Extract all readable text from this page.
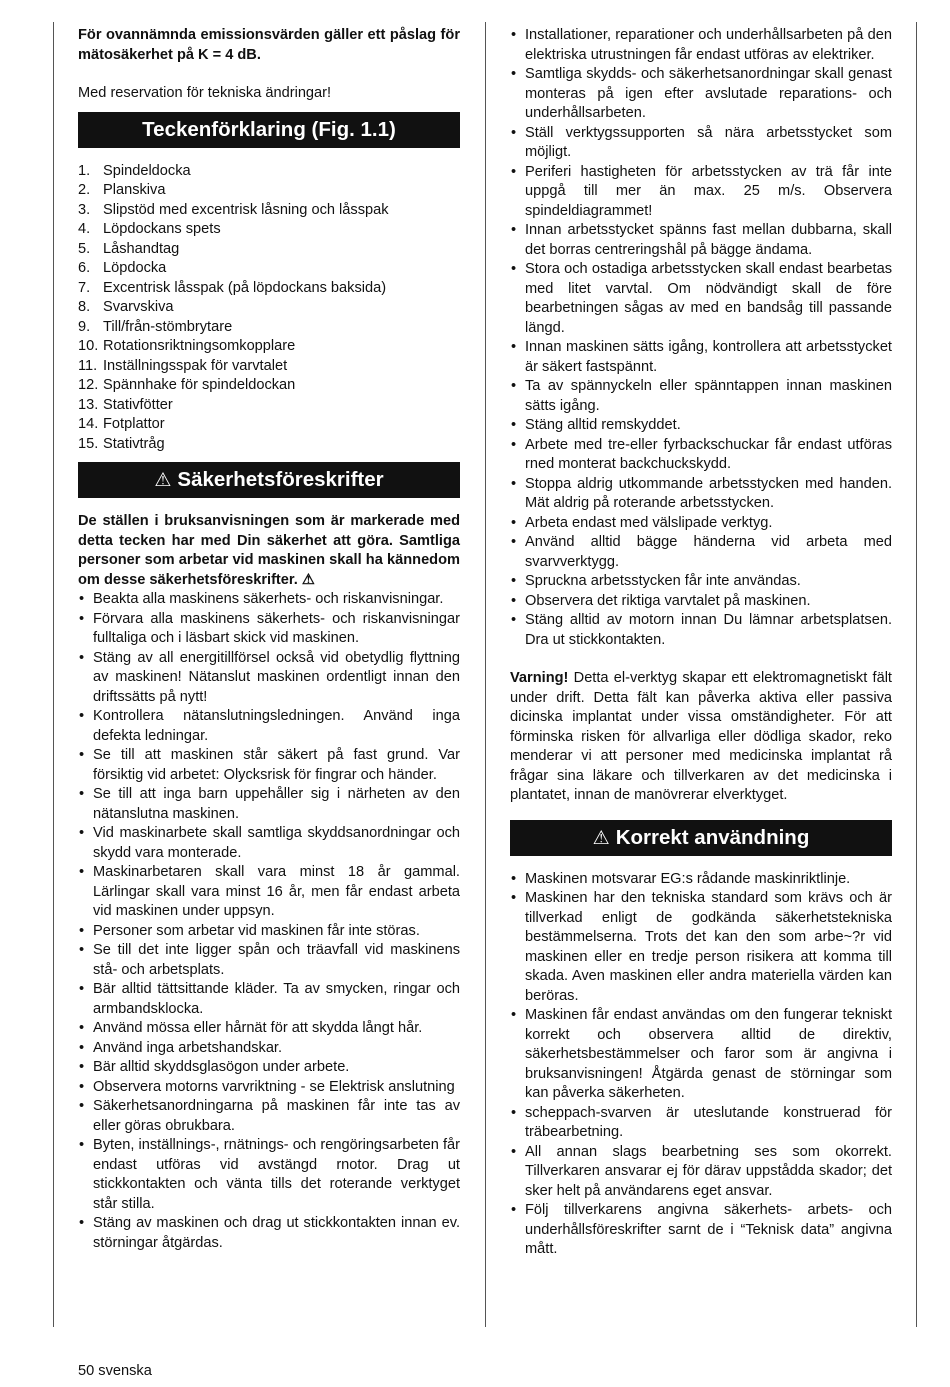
För ovannämnda emissionsvärden gäller ett påslag för mätosäkerhet på K = 4 dB.

Med reservation för tekniska ändringar!

Teckenförklaring (Fig. 1.1)
1. Spindeldocka
2. Planskiva
3. Slipstöd med excentrisk låsning och låsspak
4. Löpdockans spets
5. Låshandtag
6. Löpdocka
7. Excentrisk låsspak (på löpdockans baksida)
8. Svarvskiva
9. Till/från-stömbrytare
10. Rotationsriktningsomkopplare
11. Inställningsspak för varvtalet
12. Spännhake för spindeldockan
13. Stativfötter
14. Fotplattor
15. Stativtråg
⚠ Säkerhetsföreskrifter

De ställen i bruksanvisningen som är markerade med detta tecken har med Din säkerhet att göra. Samtliga personer som arbetar vid maskinen skall ha kännedom om desse säkerhetsföreskrifter. ⚠

• Beakta alla maskinens säkerhets- och riskanvisningar.
• Förvara alla maskinens säkerhets- och riskanvisningar fulltaliga och i läsbart skick vid maskinen.
• Stäng av all energitillförsel också vid obetydlig flyttning av maskinen! Nätanslut maskinen ordentligt innan den driftssätts på nytt!
• Kontrollera nätanslutningsledningen. Använd inga defekta ledningar.
• Se till att maskinen står säkert på fast grund. Var försiktig vid arbetet: Olycksrisk för fingrar och händer.
• Se till att inga barn uppehåller sig i närheten av den nätanslutna maskinen.
• Vid maskinarbete skall samtliga skyddsanordningar och skydd vara monterade.
• Maskinarbetaren skall vara minst 18 år gammal. Lärlingar skall vara minst 16 år, men får endast arbeta vid maskinen under uppsyn.
• Personer som arbetar vid maskinen får inte störas.
• Se till det inte ligger spån och träavfall vid maskinens stå- och arbetsplats.
• Bär alltid tättsittande kläder. Ta av smycken, ringar och armbandsklocka.
• Använd mössa eller hårnät för att skydda långt hår.
• Använd inga arbetshandskar.
• Bär alltid skyddsglasögon under arbete.
• Observera motorns varvriktning - se Elektrisk anslutning
• Säkerhetsanordningarna på maskinen får inte tas av eller göras obrukbara.
• Byten, inställnings-, rnätnings- och rengöringsarbeten får endast utföras vid avstängd rnotor. Drag ut stickkontakten och vänta tills det roterande verktyget står stilla.
• Stäng av maskinen och drag ut stickkontakten innan ev. störningar åtgärdas.
• Installationer, reparationer och underhållsarbeten på den elektriska utrustningen får endast utföras av elektriker.
• Samtliga skydds- och säkerhetsanordningar skall genast monteras på igen efter avslutade reparations- och underhållsarbeten.
• Ställ verktygssupporten så nära arbetsstycket som möjligt.
• Periferi hastigheten för arbetsstycken av trä får inte uppgå till mer än max. 25 m/s. Observera spindeldiagrammet!
• Innan arbetsstycket spänns fast mellan dubbarna, skall det borras centreringshål på bägge ändama.
• Stora och ostadiga arbetsstycken skall endast bearbetas med litet varvtal. Om nödvändigt skall de före bearbetningen sågas av med en bandsåg till passande längd.
• Innan maskinen sätts igång, kontrollera att arbetsstycket är säkert fastspännt.
• Ta av spännyckeln eller spänntappen innan maskinen sätts igång.
• Stäng alltid remskyddet.
• Arbete med tre-eller fyrbackschuckar får endast utföras rned monterat backchuckskydd.
• Stoppa aldrig utkommande arbetsstycken med handen. Mät aldrig på roterande arbetsstycken.
• Arbeta endast med välslipade verktyg.
• Använd alltid bägge händerna vid arbeta med svarvverktygg.
• Spruckna arbetsstycken får inte användas.
• Observera det riktiga varvtalet på maskinen.
• Stäng alltid av motorn innan Du lämnar arbetsplatsen. Dra ut stickkontakten.

Varning! Detta el-verktyg skapar ett elektromagnetiskt fält under drift. Detta fält kan påverka aktiva eller passiva dicinska implantat under vissa omständigheter. För att förminska risken för allvarliga eller dödliga skador, reko menderar vi att personer med medicinska implantat rå frågar sina läkare och tillverkaren av det medicinska i plantatet, innan de manövrerar elverktyget.

⚠ Korrekt användning
• Maskinen motsvarar EG:s rådande maskinriktlinje.
• Maskinen har den tekniska standard som krävs och är tillverkad enligt de godkända säkerhetstekniska bestämmelserna. Trots det kan den som arbe~?r vid maskinen eller en tredje person risikera att komma till skada. Aven maskinen eller andra materiella värden kan beröras.
• Maskinen får endast användas om den fungerar tekniskt korrekt och observera alltid de direktiv, säkerhetsbestämmelser och faror som är angivna i bruksanvisningen! Åtgärda genast de störningar som kan påverka säkerheten.
• scheppach-svarven är uteslutande konstruerad för träbearbetning.
• All annan slags bearbetning ses som okorrekt. Tillverkaren ansvarar ej för därav uppstådda skador; det sker helt på användarens eget ansvar.
• Följ tillverkarens angivna säkerhets- arbets- och underhållsföreskrifter sarnt de i “Teknisk data” angivna mått.
50 svenska
